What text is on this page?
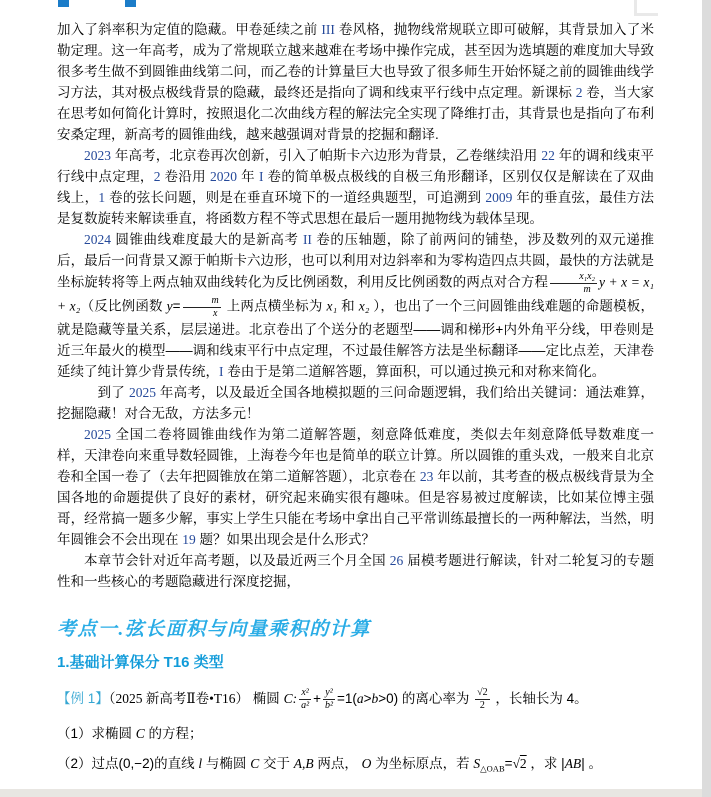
加入了斜率积为定值的隐藏。甲卷延续之前 III 卷风格，抛物线常规联立即可破解，其背景加入了米勒定理。这一年高考，成为了常规联立越来越难在考场中操作完成，甚至因为选填题的难度加大导致很多考生做不到圆锥曲线第二问，而乙卷的计算量巨大也导致了很多师生开始怀疑之前的圆锥曲线学习方法，其对极点极线背景的隐藏，最终还是指向了调和线束平行线中点定理。新课标 2 卷，当大家在思考如何简化计算时，按照退化二次曲线方程的解法完全实现了降维打击，其背景也是指向了布利安桑定理，新高考的圆锥曲线，越来越强调对背景的挖掘和翻译.

2023 年高考，北京卷再次创新，引入了帕斯卡六边形为背景，乙卷继续沿用 22 年的调和线束平行线中点定理，2 卷沿用 2020 年 I 卷的简单极点极线的自极三角形翻译，区别仅仅是解读在了双曲线上，1 卷的弦长问题，则是在垂直环境下的一道经典题型，可追溯到 2009 年的垂直弦，最佳方法是复数旋转来解读垂直，将函数方程不等式思想在最后一题用抛物线为载体呈现。

2024 圆锥曲线难度最大的是新高考 II 卷的压轴题，除了前两问的铺垫，涉及数列的双元递推后，最后一问背景又源于帕斯卡六边形，也可以利用对边斜率和为零构造四点共圆，最快的方法就是坐标旋转将等上两点轴双曲线转化为反比例函数，利用反比例函数的两点对合方程 $\frac{\text{x₁x₂}}{m}$ y + x = x₁ + x₂（反比例函数 $y= \frac{m}{x}$ 上两点横坐标为 x₁ 和 x₂ ），也出了一个三问圆锥曲线难题的命题模板，就是隐藏等量关系，层层递进。北京卷出了个送分的老题型——调和梯形+内外角平分线，甲卷则是近三年最火的模型——调和线束平行中点定理，不过最佳解答方法是坐标翻译——定比点差，天津卷延续了纯计算少背景传统，I 卷由于是第二道解答题，算面积，可以通过换元和对称来简化。

到了 2025 年高考，以及最近全国各地模拟题的三问命题逻辑，我们给出关键词：通法难算，挖掘隐藏！对合无敌，方法多元！

2025 全国二卷将圆锥曲线作为第二道解答题，刻意降低难度，类似去年刻意降低导数难度一样，天津卷向来重导数轻圆锥，上海卷今年也是简单的联立计算。所以圆锥的重头戏，一般来自北京卷和全国一卷了（去年把圆锥放在第二道解答题），北京卷在 23 年以前，其考查的极点极线背景为全国各地的命题提供了良好的素材，研究起来确实很有趣味。但是容易被过度解读，比如某位博主强哥，经常搞一题多少解，事实上学生只能在考场中拿出自己平常训练最擅长的一两种解法，当然，明年圆锥会不会出现在 19 题？如果出现会是什么形式？

本章节会针对近年高考题，以及最近两三个月全国 26 届模考题进行解读，针对二轮复习的专题性和一些核心的考题隐藏进行深度挖掘，

考点一.弦长面积与向量乘积的计算
1.基础计算保分 T16 类型

【例 1】（2025 新高考Ⅱ卷•T16） 椭圆 C: $\frac{\text{x²}}{\text{a²}} + \frac{\text{y²}}{\text{b²}} =1(a>b>0)$ 的离心率为 $\frac{√2}{2}$ ，长轴长为 4。

（1）求椭圆 C 的方程；

（2）过点(0,−2)的直线 l 与椭圆 C 交于 A,B 两点， O 为坐标原点，若 $S_{\triangle OAB}=√2$ ，求 |AB| 。
